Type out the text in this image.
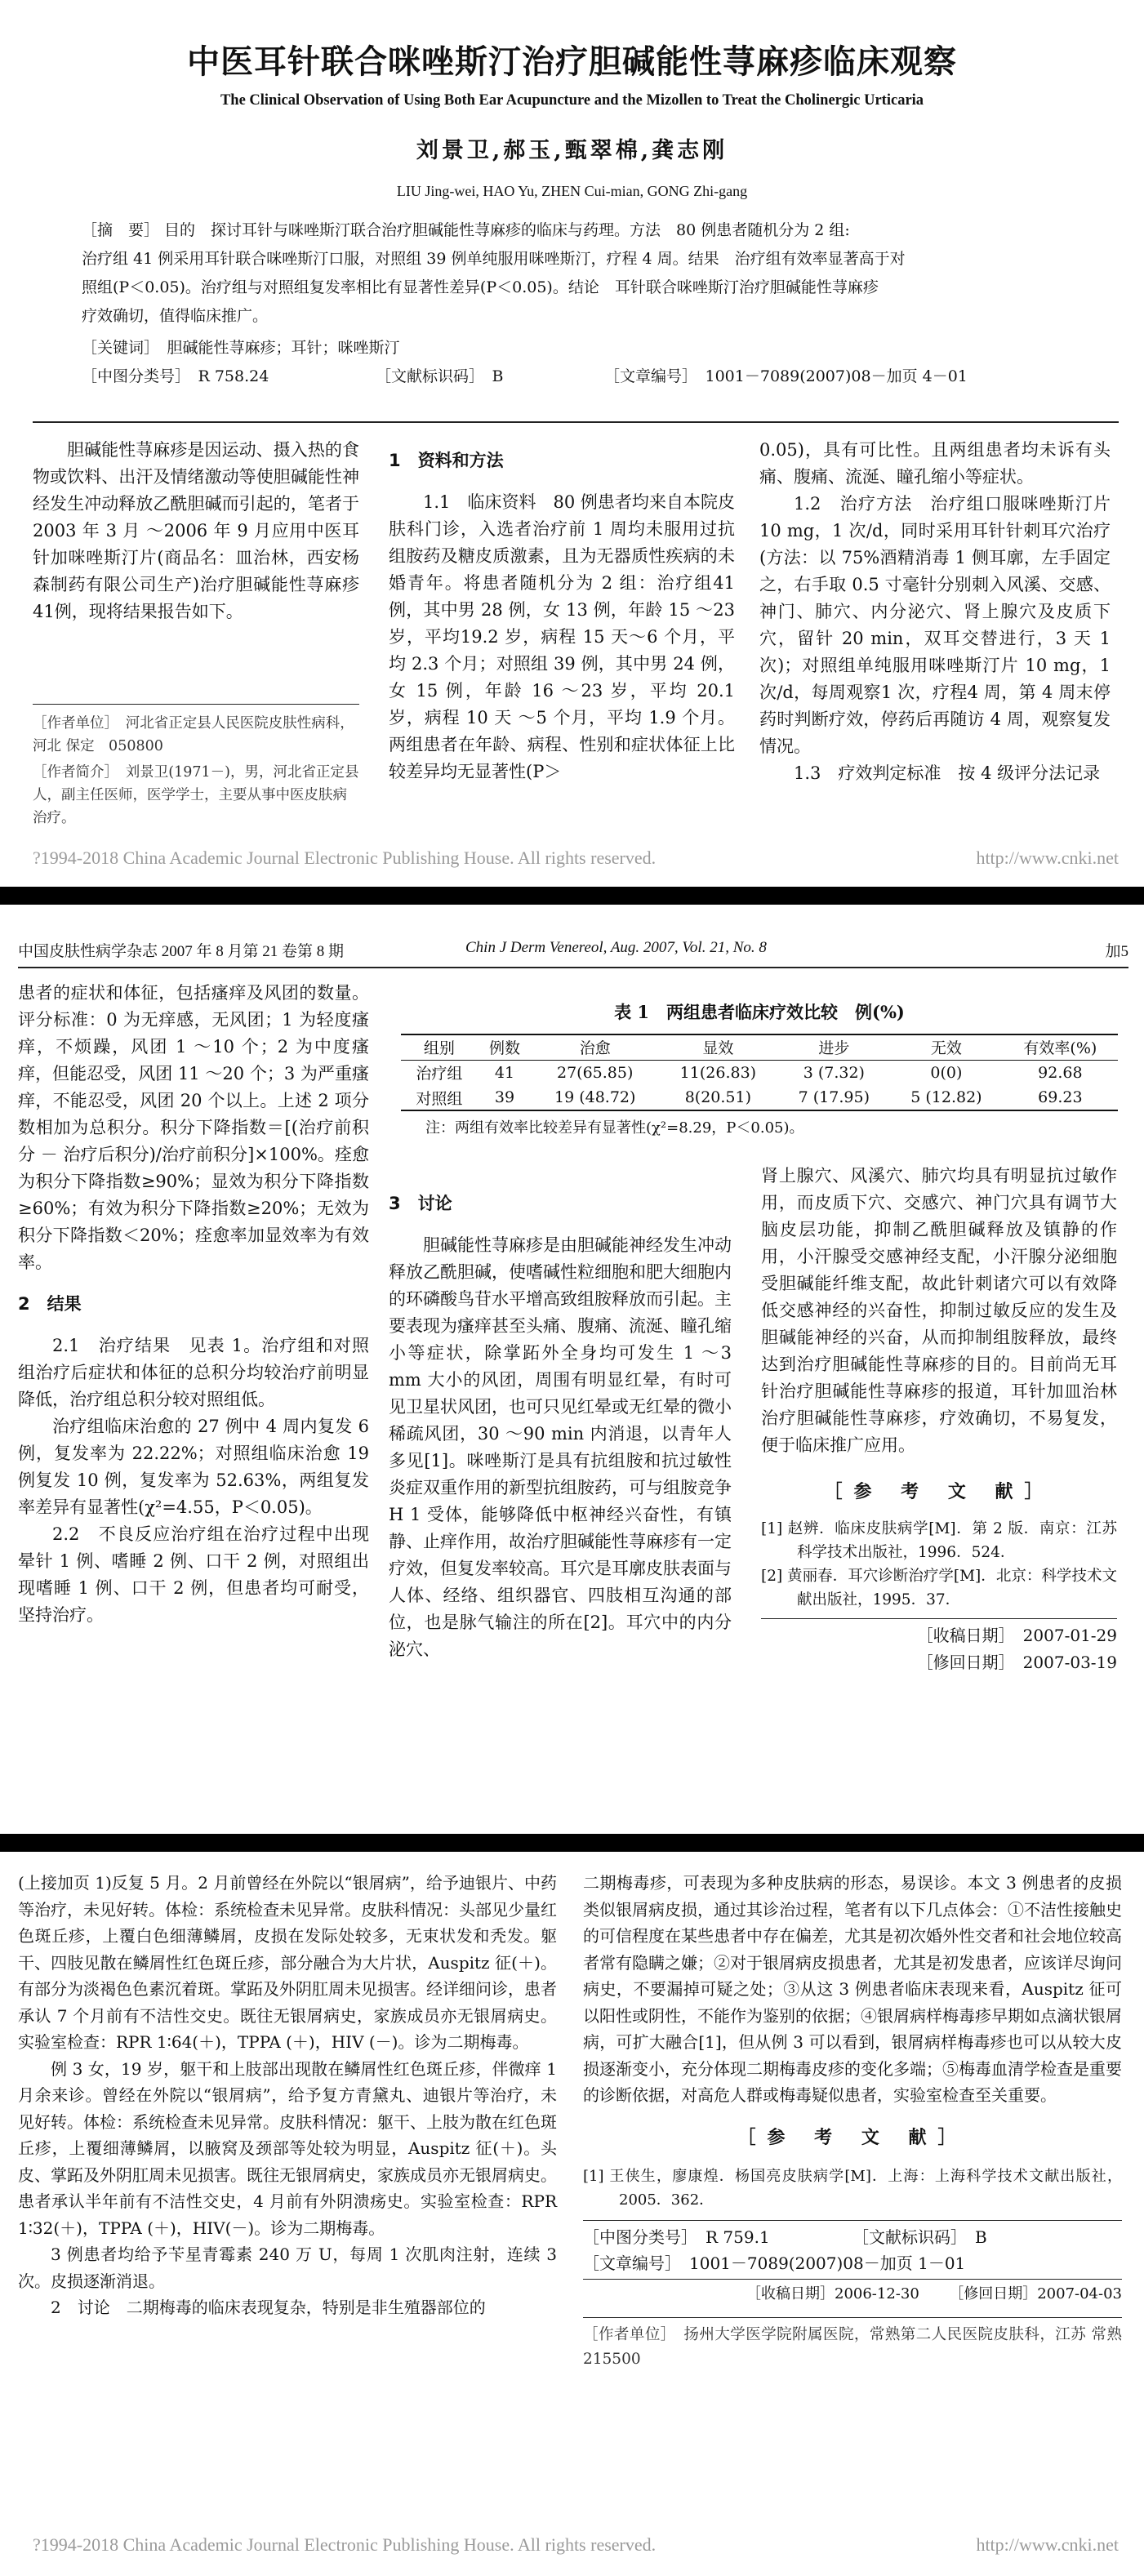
中医耳针联合咪唑斯汀治疗胆碱能性荨麻疹临床观察
The Clinical Observation of Using Both Ear Acupuncture and the Mizollen to Treat the Cholinergic Urticaria
刘景卫,郝玉,甄翠棉,龚志刚
LIU Jing-wei, HAO Yu, ZHEN Cui-mian, GONG Zhi-gang
［摘　要］ 目的　探讨耳针与咪唑斯汀联合治疗胆碱能性荨麻疹的临床与药理。方法　80 例患者随机分为 2 组:
治疗组 41 例采用耳针联合咪唑斯汀口服，对照组 39 例单纯服用咪唑斯汀，疗程 4 周。结果　治疗组有效率显著高于对
照组(P＜0.05)。治疗组与对照组复发率相比有显著性差异(P＜0.05)。结论　耳针联合咪唑斯汀治疗胆碱能性荨麻疹
疗效确切，值得临床推广。
［关键词］　胆碱能性荨麻疹；耳针；咪唑斯汀
［中图分类号］　R 758.24	［文献标识码］　B	［文章编号］　1001－7089(2007)08－加页 4－01

胆碱能性荨麻疹是因运动、摄入热的食物或饮料、出汗及情绪激动等使胆碱能性神经发生冲动释放乙酰胆碱而引起的，笔者于 2003 年 3 月 ～2006 年 9 月应用中医耳针加咪唑斯汀片(商品名：皿治林，西安杨森制药有限公司生产)治疗胆碱能性荨麻疹41例，现将结果报告如下。

［作者单位］　河北省正定县人民医院皮肤性病科，河北 保定　050800
［作者简介］　刘景卫(1971－)，男，河北省正定县人，副主任医师，医学学士，主要从事中医皮肤病治疗。

1　资料和方法

1.1　临床资料　80 例患者均来自本院皮肤科门诊，入选者治疗前 1 周均未服用过抗组胺药及糖皮质激素，且为无器质性疾病的未婚青年。将患者随机分为 2 组：治疗组41 例，其中男 28 例，女 13 例，年龄 15 ～23 岁，平均19.2 岁，病程 15 天～6 个月，平均 2.3 个月；对照组 39 例，其中男 24 例，女 15 例，年龄 16 ～23 岁，平均 20.1 岁，病程 10 天 ～5 个月，平均 1.9 个月。两组患者在年龄、病程、性别和症状体征上比较差异均无显著性(P＞

0.05)，具有可比性。且两组患者均未诉有头痛、腹痛、流涎、瞳孔缩小等症状。

1.2　治疗方法　治疗组口服咪唑斯汀片 10 mg，1 次/d，同时采用耳针针刺耳穴治疗(方法：以 75%酒精消毒 1 侧耳廓，左手固定之，右手取 0.5 寸毫针分别刺入风溪、交感、神门、肺穴、内分泌穴、肾上腺穴及皮质下穴，留针 20 min，双耳交替进行，3 天 1 次)；对照组单纯服用咪唑斯汀片 10 mg，1 次/d，每周观察1 次，疗程4 周，第 4 周末停药时判断疗效，停药后再随访 4 周，观察复发情况。

1.3　疗效判定标准　按 4 级评分法记录

?1994-2018 China Academic Journal Electronic Publishing House. All rights reserved.	http://www.cnki.net
中国皮肤性病学杂志 2007 年 8 月第 21 卷第 8 期	Chin J Derm Venereol, Aug. 2007, Vol. 21, No. 8	加5

患者的症状和体征，包括瘙痒及风团的数量。评分标准：0 为无痒感，无风团；1 为轻度瘙痒，不烦躁，风团 1 ～10 个；2 为中度瘙痒，但能忍受，风团 11 ～20 个；3 为严重瘙痒，不能忍受，风团 20 个以上。上述 2 项分数相加为总积分。积分下降指数＝[(治疗前积分 － 治疗后积分)/治疗前积分]×100%。痊愈为积分下降指数≥90%；显效为积分下降指数≥60%；有效为积分下降指数≥20%；无效为积分下降指数＜20%；痊愈率加显效率为有效率。

2　结果

2.1　治疗结果　见表 1。治疗组和对照组治疗后症状和体征的总积分均较治疗前明显降低，治疗组总积分较对照组低。

治疗组临床治愈的 27 例中 4 周内复发 6 例，复发率为 22.22%；对照组临床治愈 19 例复发 10 例，复发率为 52.63%，两组复发率差异有显著性(χ²=4.55，P＜0.05)。

2.2　不良反应治疗组在治疗过程中出现晕针 1 例、嗜睡 2 例、口干 2 例，对照组出现嗜睡 1 例、口干 2 例，但患者均可耐受，坚持治疗。

表 1　两组患者临床疗效比较　例(%)
组别	例数	治愈	显效	进步	无效	有效率(%)
治疗组	41	27(65.85)	11(26.83)	3 (7.32)	0(0)	92.68
对照组	39	19 (48.72)	8(20.51)	7 (17.95)	5 (12.82)	69.23
注：两组有效率比较差异有显著性(χ²=8.29，P＜0.05)。

3　讨论

胆碱能性荨麻疹是由胆碱能神经发生冲动释放乙酰胆碱，使嗜碱性粒细胞和肥大细胞内的环磷酸鸟苷水平增高致组胺释放而引起。主要表现为瘙痒甚至头痛、腹痛、流涎、瞳孔缩小等症状，除掌跖外全身均可发生 1 ～3 mm 大小的风团，周围有明显红晕，有时可见卫星状风团，也可只见红晕或无红晕的微小稀疏风团，30 ～90 min 内消退，以青年人多见[1]。咪唑斯汀是具有抗组胺和抗过敏性炎症双重作用的新型抗组胺药，可与组胺竞争 H 1 受体，能够降低中枢神经兴奋性，有镇静、止痒作用，故治疗胆碱能性荨麻疹有一定疗效，但复发率较高。耳穴是耳廓皮肤表面与人体、经络、组织器官、四肢相互沟通的部位，也是脉气输注的所在[2]。耳穴中的内分泌穴、

肾上腺穴、风溪穴、肺穴均具有明显抗过敏作用，而皮质下穴、交感穴、神门穴具有调节大脑皮层功能，抑制乙酰胆碱释放及镇静的作用，小汗腺受交感神经支配，小汗腺分泌细胞受胆碱能纤维支配，故此针刺诸穴可以有效降低交感神经的兴奋性，抑制过敏反应的发生及胆碱能神经的兴奋，从而抑制组胺释放，最终达到治疗胆碱能性荨麻疹的目的。目前尚无耳针治疗胆碱能性荨麻疹的报道，耳针加皿治林治疗胆碱能性荨麻疹，疗效确切，不易复发，便于临床推广应用。

［参 考 文 献］
[1] 赵辨．临床皮肤病学[M]．第 2 版．南京：江苏科学技术出版社，1996．524．
[2] 黄丽春．耳穴诊断治疗学[M]．北京：科学技术文献出版社，1995．37．
［收稿日期］　2007-01-29
［修回日期］　2007-03-19

(上接加页 1)反复 5 月。2 月前曾经在外院以“银屑病”，给予迪银片、中药等治疗，未见好转。体检：系统检查未见异常。皮肤科情况：头部见少量红色斑丘疹，上覆白色细薄鳞屑，皮损在发际处较多，无束状发和秃发。躯干、四肢见散在鳞屑性红色斑丘疹，部分融合为大片状，Auspitz 征(＋)。有部分为淡褐色色素沉着斑。掌跖及外阴肛周未见损害。经详细问诊，患者承认 7 个月前有不洁性交史。既往无银屑病史，家族成员亦无银屑病史。实验室检查：RPR 1∶64(＋)，TPPA (＋)，HIV (－)。诊为二期梅毒。

例 3 女，19 岁，躯干和上肢部出现散在鳞屑性红色斑丘疹，伴微痒 1 月余来诊。曾经在外院以“银屑病”，给予复方青黛丸、迪银片等治疗，未见好转。体检：系统检查未见异常。皮肤科情况：躯干、上肢为散在红色斑丘疹，上覆细薄鳞屑，以腋窝及颈部等处较为明显，Auspitz 征(＋)。头皮、掌跖及外阴肛周未见损害。既往无银屑病史，家族成员亦无银屑病史。患者承认半年前有不洁性交史，4 月前有外阴溃疡史。实验室检查：RPR 1∶32(＋)，TPPA (＋)，HIV(－)。诊为二期梅毒。

3 例患者均给予苄星青霉素 240 万 U，每周 1 次肌肉注射，连续 3 次。皮损逐渐消退。

2　讨论　二期梅毒的临床表现复杂，特别是非生殖器部位的

二期梅毒疹，可表现为多种皮肤病的形态，易误诊。本文 3 例患者的皮损类似银屑病皮损，通过其诊治过程，笔者有以下几点体会：①不洁性接触史的可信程度在某些患者中存在偏差，尤其是初次婚外性交者和社会地位较高者常有隐瞒之嫌；②对于银屑病皮损患者，尤其是初发患者，应该详尽询问病史，不要漏掉可疑之处；③从这 3 例患者临床表现来看，Auspitz 征可以阳性或阴性，不能作为鉴别的依据；④银屑病样梅毒疹早期如点滴状银屑病，可扩大融合[1]，但从例 3 可以看到，银屑病样梅毒疹也可以从较大皮损逐渐变小，充分体现二期梅毒皮疹的变化多端；⑤梅毒血清学检查是重要的诊断依据，对高危人群或梅毒疑似患者，实验室检查至关重要。

［参 考 文 献］
[1] 王侠生，廖康煌．杨国亮皮肤病学[M]．上海：上海科学技术文献出版社，2005．362．
［中图分类号］　R 759.1	［文献标识码］　B
［文章编号］　1001－7089(2007)08－加页 1－01
［收稿日期］2006-12-30 ［修回日期］2007-04-03
［作者单位］　扬州大学医学院附属医院，常熟第二人民医院皮肤科，江苏 常熟　215500
?1994-2018 China Academic Journal Electronic Publishing House. All rights reserved.	http://www.cnki.net
